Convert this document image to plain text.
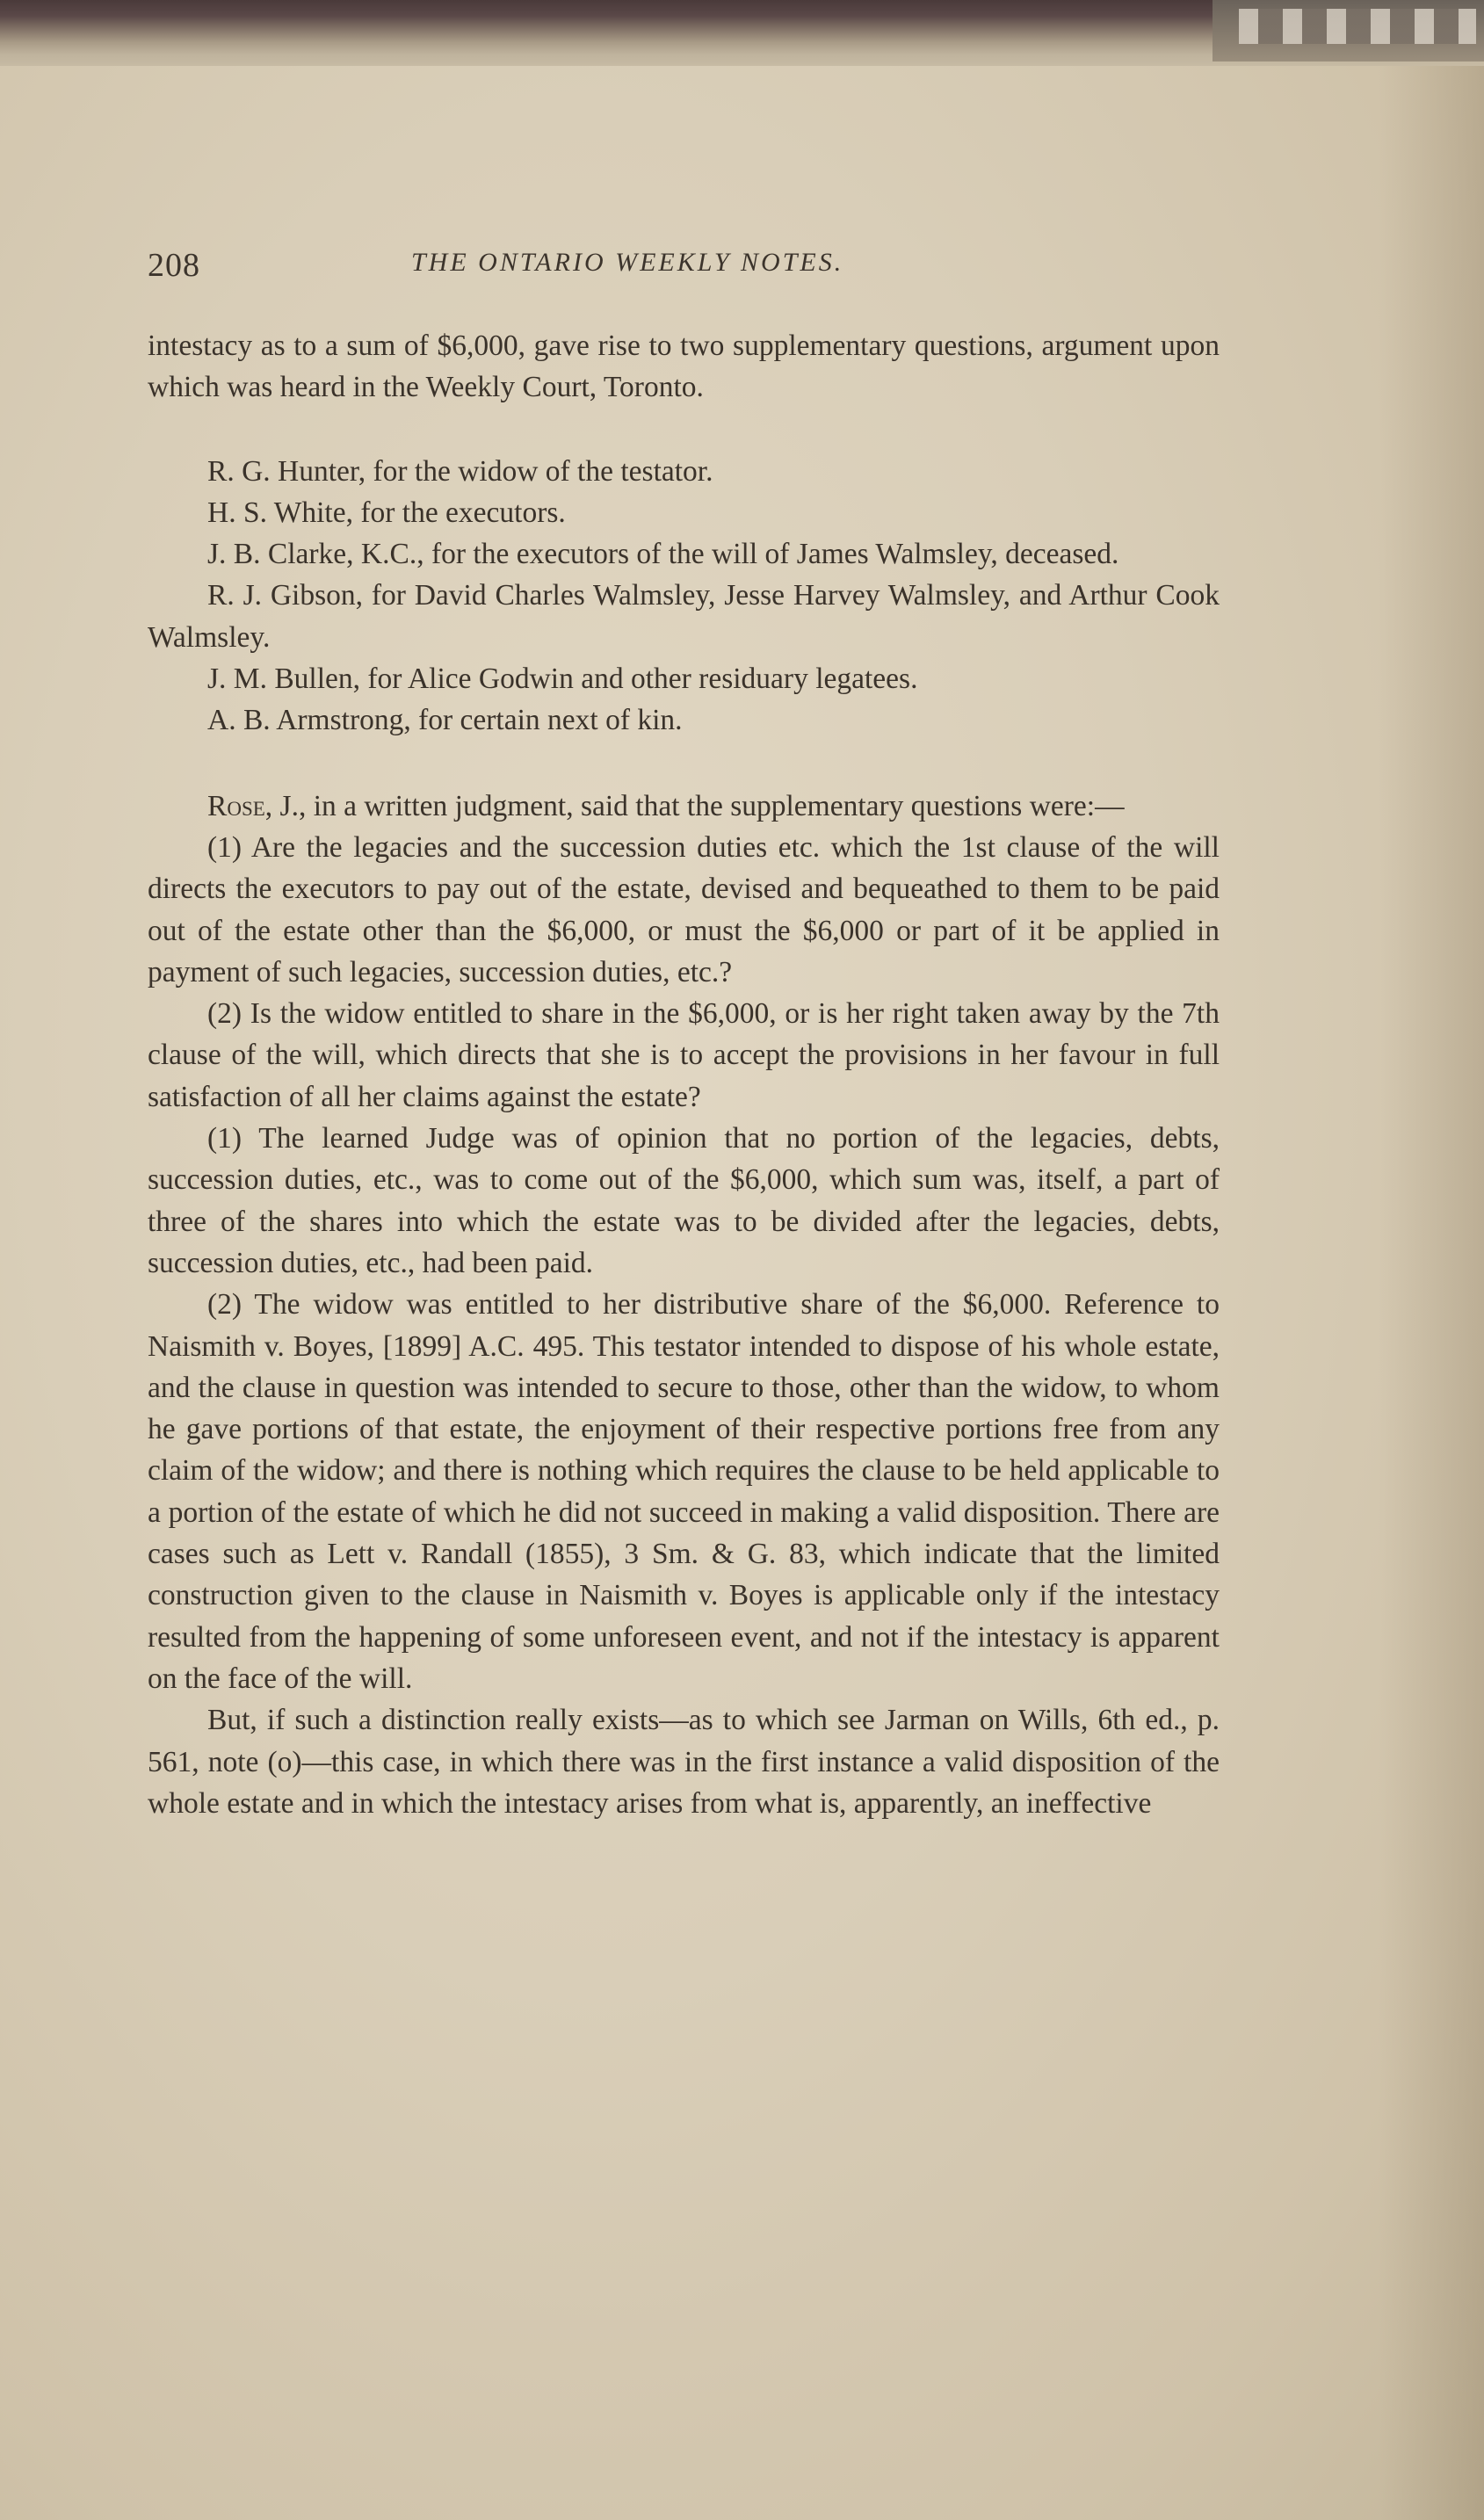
208	THE ONTARIO WEEKLY NOTES.

intestacy as to a sum of $6,000, gave rise to two supplementary questions, argument upon which was heard in the Weekly Court, Toronto.

R. G. Hunter, for the widow of the testator.

H. S. White, for the executors.

J. B. Clarke, K.C., for the executors of the will of James Walmsley, deceased.

R. J. Gibson, for David Charles Walmsley, Jesse Harvey Walmsley, and Arthur Cook Walmsley.

J. M. Bullen, for Alice Godwin and other residuary legatees.

A. B. Armstrong, for certain next of kin.

Rose, J., in a written judgment, said that the supplementary questions were:—

(1) Are the legacies and the succession duties etc. which the 1st clause of the will directs the executors to pay out of the estate, devised and bequeathed to them to be paid out of the estate other than the $6,000, or must the $6,000 or part of it be applied in payment of such legacies, succession duties, etc.?

(2) Is the widow entitled to share in the $6,000, or is her right taken away by the 7th clause of the will, which directs that she is to accept the provisions in her favour in full satisfaction of all her claims against the estate?

(1) The learned Judge was of opinion that no portion of the legacies, debts, succession duties, etc., was to come out of the $6,000, which sum was, itself, a part of three of the shares into which the estate was to be divided after the legacies, debts, succession duties, etc., had been paid.

(2) The widow was entitled to her distributive share of the $6,000. Reference to Naismith v. Boyes, [1899] A.C. 495. This testator intended to dispose of his whole estate, and the clause in question was intended to secure to those, other than the widow, to whom he gave portions of that estate, the enjoyment of their respective portions free from any claim of the widow; and there is nothing which requires the clause to be held applicable to a portion of the estate of which he did not succeed in making a valid disposition. There are cases such as Lett v. Randall (1855), 3 Sm. & G. 83, which indicate that the limited construction given to the clause in Naismith v. Boyes is applicable only if the intestacy resulted from the happening of some unforeseen event, and not if the intestacy is apparent on the face of the will.

But, if such a distinction really exists—as to which see Jarman on Wills, 6th ed., p. 561, note (o)—this case, in which there was in the first instance a valid disposition of the whole estate and in which the intestacy arises from what is, apparently, an ineffective
